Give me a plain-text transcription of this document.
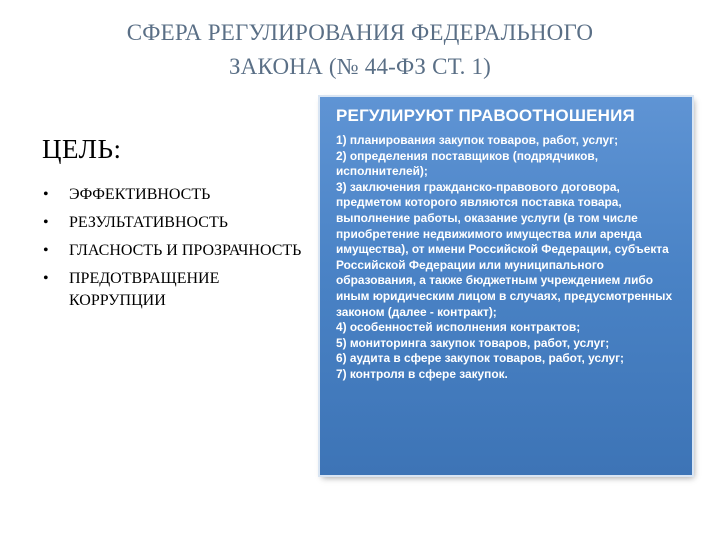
СФЕРА РЕГУЛИРОВАНИЯ ФЕДЕРАЛЬНОГО
ЗАКОНА (№ 44-ФЗ СТ. 1)
ЦЕЛЬ:
• ЭФФЕКТИВНОСТЬ
• РЕЗУЛЬТАТИВНОСТЬ
• ГЛАСНОСТЬ И ПРОЗРАЧНОСТЬ
• ПРЕДОТВРАЩЕНИЕ КОРРУПЦИИ
РЕГУЛИРУЮТ ПРАВООТНОШЕНИЯ
1) планирования закупок товаров, работ, услуг;
2) определения поставщиков (подрядчиков, исполнителей);
3) заключения гражданско-правового договора, предметом которого являются поставка товара, выполнение работы, оказание услуги (в том числе приобретение недвижимого имущества или аренда имущества), от имени Российской Федерации, субъекта Российской Федерации или муниципального образования, а также бюджетным учреждением либо иным юридическим лицом в случаях, предусмотренных законом (далее - контракт);
4) особенностей исполнения контрактов;
5) мониторинга закупок товаров, работ, услуг;
6) аудита в сфере закупок товаров, работ, услуг;
7) контроля в сфере закупок.
